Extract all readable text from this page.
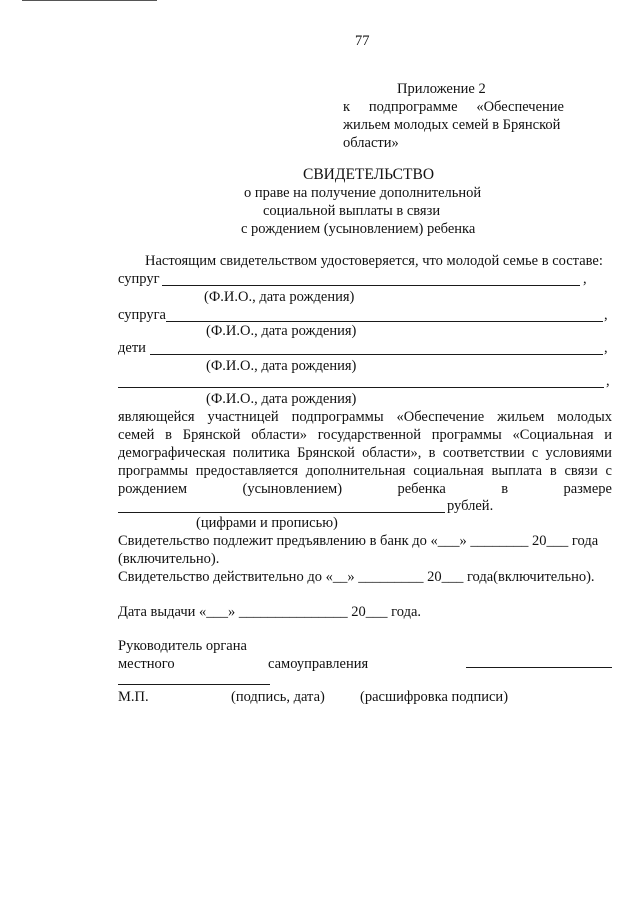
77
Приложение 2
к подпрограмме «Обеспечение
жильем молодых семей в Брянской
области»
СВИДЕТЕЛЬСТВО
о праве на получение дополнительной
социальной выплаты в связи
с рождением (усыновлением) ребенка
Настоящим свидетельством удостоверяется, что молодой семье в составе:
супруг	,
(Ф.И.О., дата рождения)
супруга	,
(Ф.И.О., дата рождения)
дети	,
(Ф.И.О., дата рождения)
,
(Ф.И.О., дата рождения)
являющейся участницей подпрограммы «Обеспечение жильем молодых
семей в Брянской области» государственной программы «Социальная и
демографическая политика Брянской области», в соответствии с условиями
программы предоставляется дополнительная социальная выплата в связи с
рождением	(усыновлением)	ребенка	в	размере
рублей.
(цифрами и прописью)
Свидетельство подлежит предъявлению в банк до «___» ________ 20___ года
(включительно).
Свидетельство действительно до «__» _________ 20___ года(включительно).
Дата выдачи «___» _______________ 20___ года.
Руководитель органа
местного	самоуправления
М.П.	(подпись, дата) (расшифровка подписи)
